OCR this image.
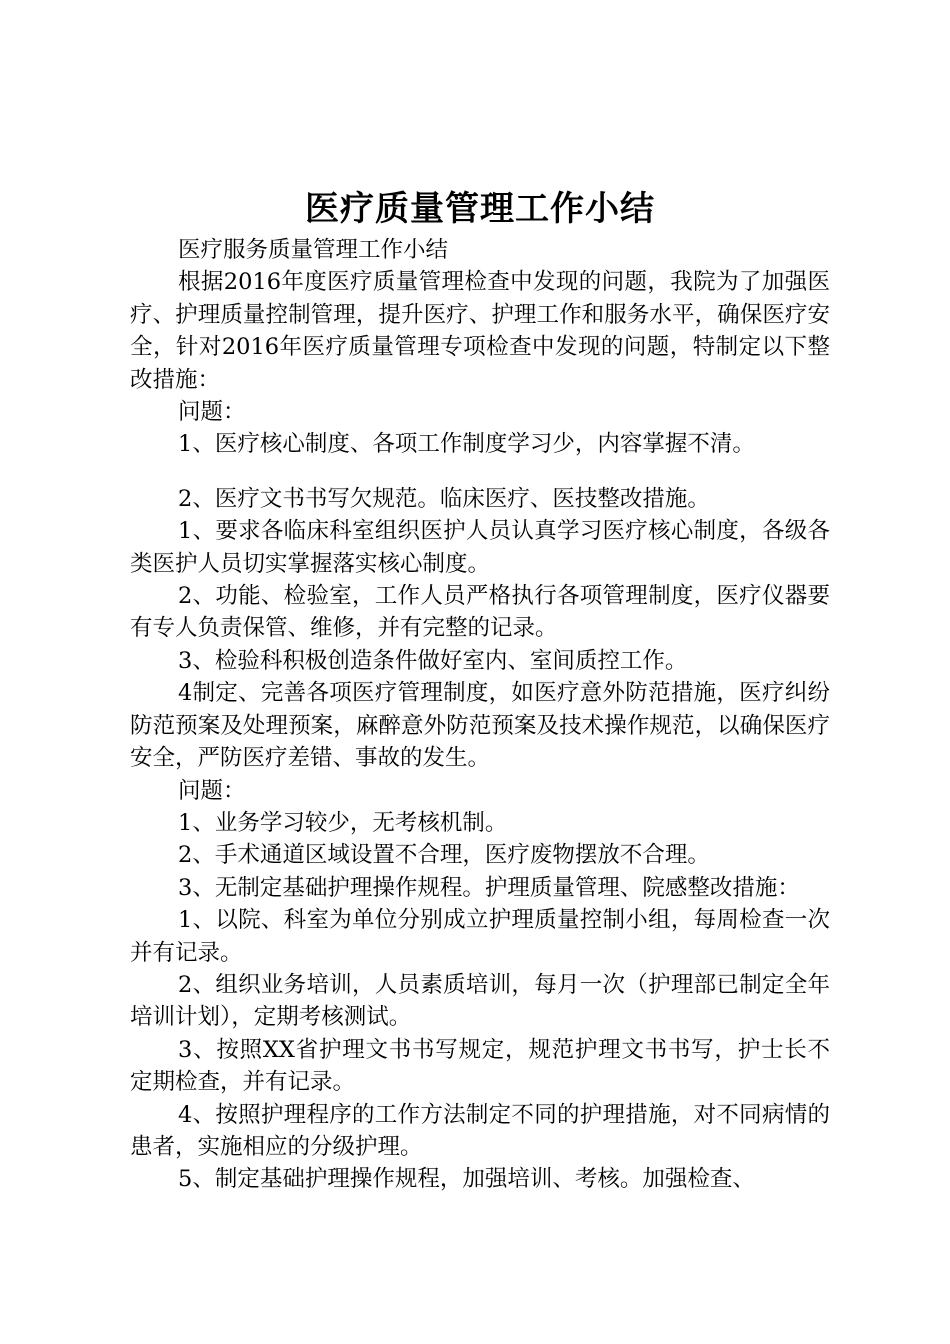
医疗质量管理工作小结

医疗服务质量管理工作小结

根据2016年度医疗质量管理检查中发现的问题，我院为了加强医疗、护理质量控制管理，提升医疗、护理工作和服务水平，确保医疗安全，针对2016年医疗质量管理专项检查中发现的问题，特制定以下整改措施：

问题：

1、医疗核心制度、各项工作制度学习少，内容掌握不清。

2、医疗文书书写欠规范。临床医疗、医技整改措施。

1、要求各临床科室组织医护人员认真学习医疗核心制度，各级各类医护人员切实掌握落实核心制度。

2、功能、检验室，工作人员严格执行各项管理制度，医疗仪器要有专人负责保管、维修，并有完整的记录。

3、检验科积极创造条件做好室内、室间质控工作。

4制定、完善各项医疗管理制度，如医疗意外防范措施，医疗纠纷防范预案及处理预案，麻醉意外防范预案及技术操作规范，以确保医疗安全，严防医疗差错、事故的发生。

问题：

1、业务学习较少，无考核机制。

2、手术通道区域设置不合理，医疗废物摆放不合理。

3、无制定基础护理操作规程。护理质量管理、院感整改措施：

1、以院、科室为单位分别成立护理质量控制小组，每周检查一次并有记录。

2、组织业务培训，人员素质培训，每月一次（护理部已制定全年培训计划），定期考核测试。

3、按照XX省护理文书书写规定，规范护理文书书写，护士长不定期检查，并有记录。

4、按照护理程序的工作方法制定不同的护理措施，对不同病情的患者，实施相应的分级护理。

5、制定基础护理操作规程，加强培训、考核。加强检查、
